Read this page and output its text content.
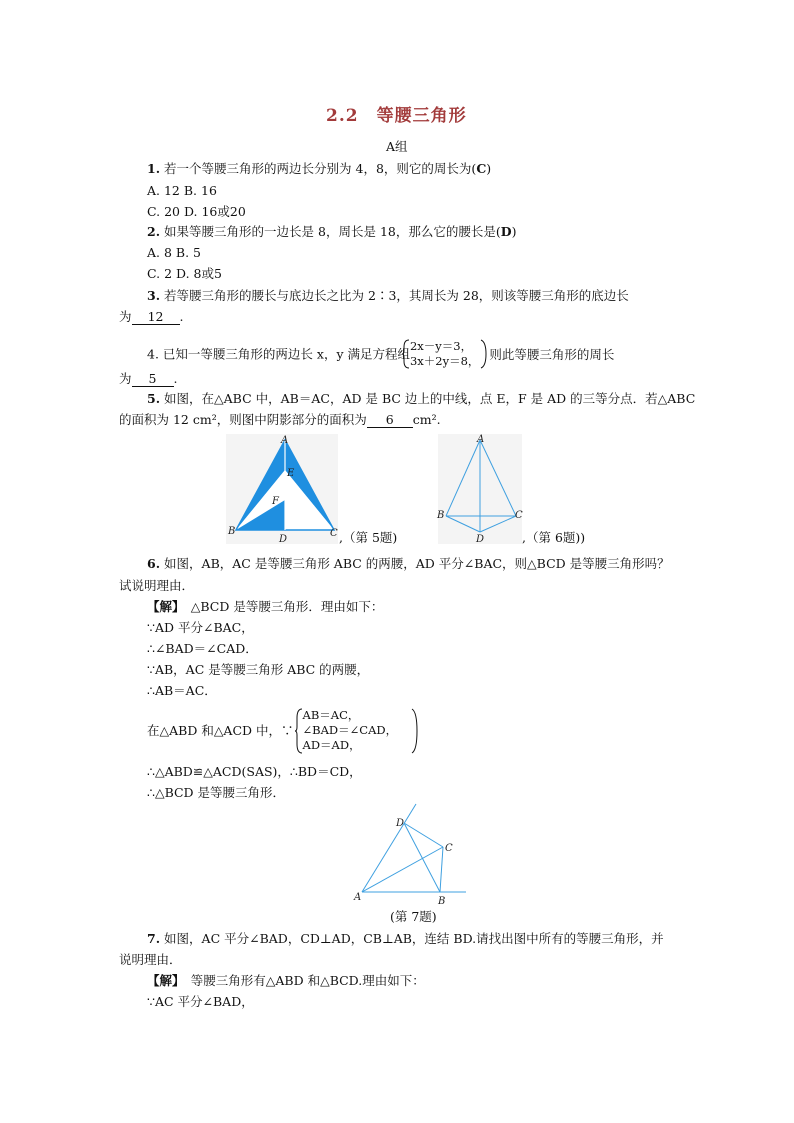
2.2　等腰三角形
A组
1. 若一个等腰三角形的两边长分别为 4，8，则它的周长为(C)
A. 12 B. 16
C. 20 D. 16或20
2. 如果等腰三角形的一边长是 8，周长是 18，那么它的腰长是(D)
A. 8 B. 5
C. 2 D. 8或5
3. 若等腰三角形的腰长与底边长之比为 2∶3，其周长为 28，则该等腰三角形的底边长
为 12 .
4. 已知一等腰三角形的两边长 x，y 满足方程组
2x－y＝3，
3x＋2y＝8， 则此等腰三角形的周长
为 5 .
5. 如图，在△ABC 中，AB＝AC，AD 是 BC 边上的中线，点 E，F 是 AD 的三等分点．若△ABC
的面积为 12 cm²，则图中阴影部分的面积为 6 cm².
A
E
F
B	C
D	,（第 5题)
A
B	C
D	,（第 6题))
6. 如图，AB，AC 是等腰三角形 ABC 的两腰，AD 平分∠BAC，则△BCD 是等腰三角形吗？
试说明理由．
【解】　△BCD 是等腰三角形．理由如下：
∵AD 平分∠BAC，
∴∠BAD＝∠CAD．
∵AB，AC 是等腰三角形 ABC 的两腰，
∴AB＝AC．
在△ABD 和△ACD 中，∵
AB＝AC，
∠BAD＝∠CAD，
AD＝AD，
∴△ABD≌△ACD(SAS)，∴BD＝CD，
∴△BCD 是等腰三角形．
D
C
A	B
(第 7题)
7. 如图，AC 平分∠BAD，CD⊥AD，CB⊥AB，连结 BD.请找出图中所有的等腰三角形，并
说明理由．
【解】　等腰三角形有△ABD 和△BCD.理由如下：
∵AC 平分∠BAD，
